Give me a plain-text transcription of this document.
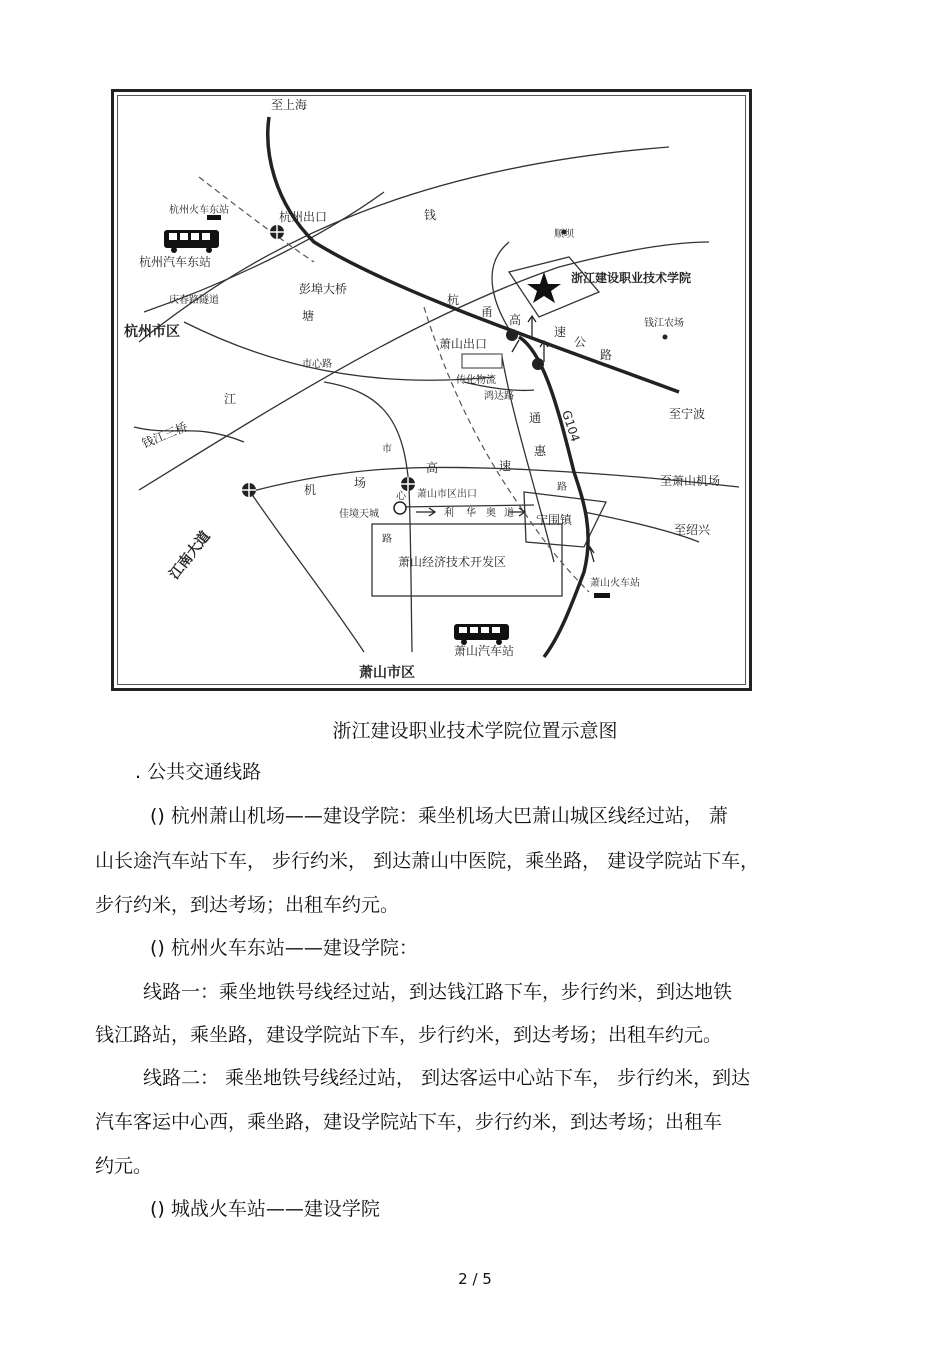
至上海
杭州火车东站	杭州出口
杭州汽车东站
钱
顺坝
浙江建设职业技术学院
庆春路隧道
彭埠大桥
杭州市区
塘
杭
甬
高
速
公
路
钱江农场
萧山出口
市心路
传化物流
鸿达路
至宁波
江
G104
通
惠
路
钱江三桥	市
高	速
至萧山机场
机	场
心 萧山市区出口
佳境天城	利 华 奥 道 宁围镇
至绍兴
江南大道	路
萧山经济技术开发区
萧山火车站
萧山汽车站
萧山市区
浙江建设职业技术学院位置示意图
. 公共交通线路
() 杭州萧山机场——建设学院：乘坐机场大巴萧山城区线经过站， 萧
山长途汽车站下车， 步行约米， 到达萧山中医院，乘坐路， 建设学院站下车，
步行约米，到达考场；出租车约元。
() 杭州火车东站——建设学院：
线路一：乘坐地铁号线经过站，到达钱江路下车，步行约米，到达地铁
钱江路站，乘坐路，建设学院站下车，步行约米，到达考场；出租车约元。
线路二： 乘坐地铁号线经过站， 到达客运中心站下车， 步行约米，到达
汽车客运中心西，乘坐路，建设学院站下车，步行约米，到达考场；出租车
约元。
() 城战火车站——建设学院
2 / 5
